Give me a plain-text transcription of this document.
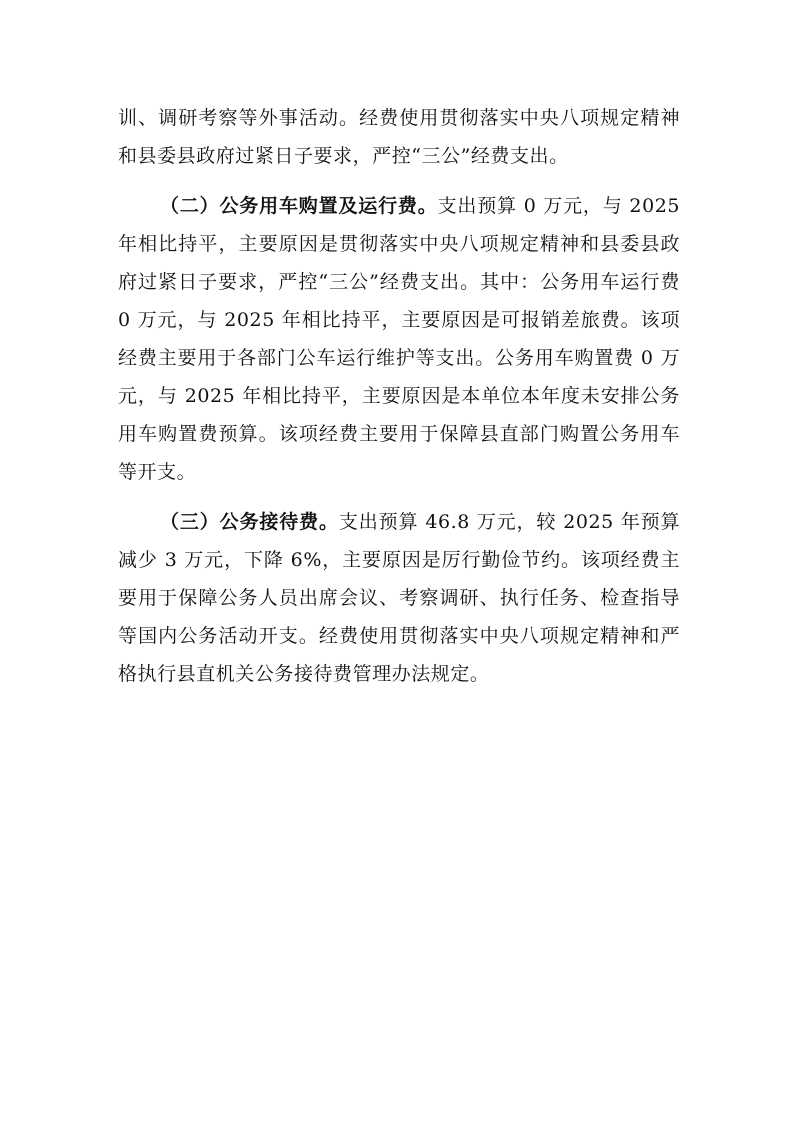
训、调研考察等外事活动。经费使用贯彻落实中央八项规定精神和县委县政府过紧日子要求，严控“三公”经费支出。

（二）公务用车购置及运行费。支出预算 0 万元，与 2025 年相比持平，主要原因是贯彻落实中央八项规定精神和县委县政府过紧日子要求，严控“三公”经费支出。其中：公务用车运行费 0 万元，与 2025 年相比持平，主要原因是可报销差旅费。该项经费主要用于各部门公车运行维护等支出。公务用车购置费 0 万元，与 2025 年相比持平，主要原因是本单位本年度未安排公务用车购置费预算。该项经费主要用于保障县直部门购置公务用车等开支。

（三）公务接待费。支出预算 46.8 万元，较 2025 年预算减少 3 万元，下降 6%，主要原因是厉行勤俭节约。该项经费主要用于保障公务人员出席会议、考察调研、执行任务、检查指导等国内公务活动开支。经费使用贯彻落实中央八项规定精神和严格执行县直机关公务接待费管理办法规定。
